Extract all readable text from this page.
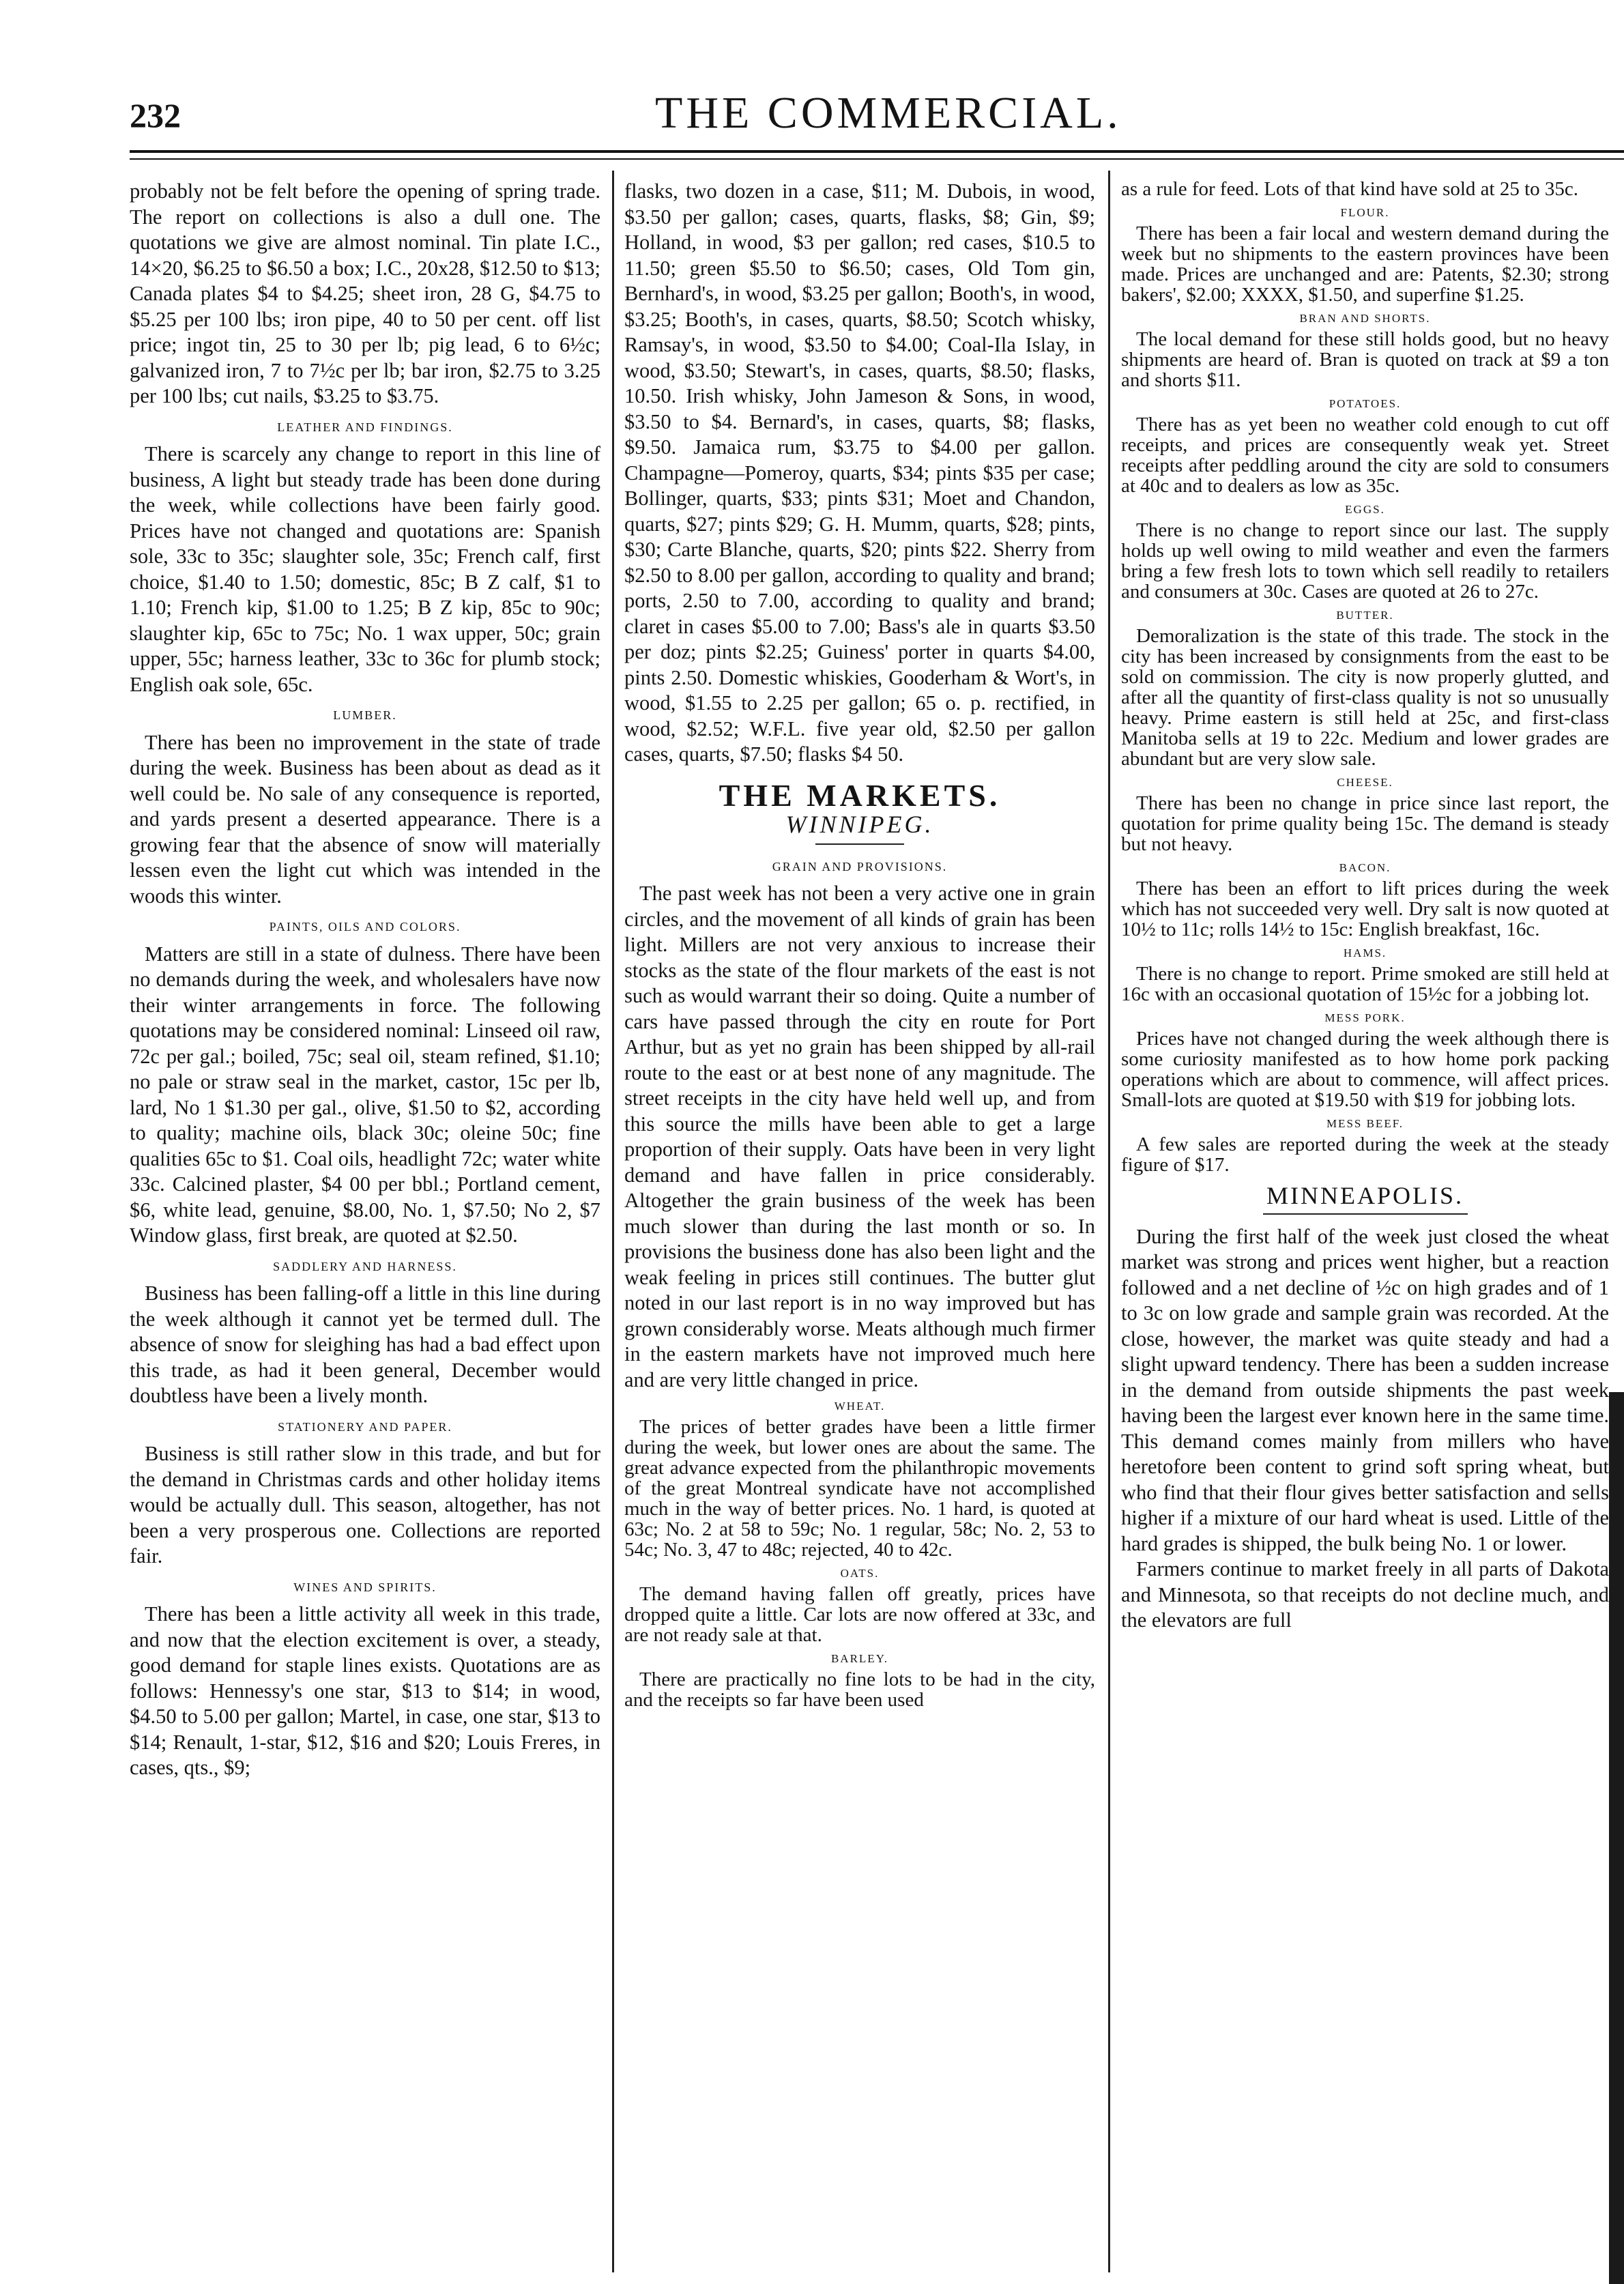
232	THE COMMERCIAL.

probably not be felt before the opening of spring trade. The report on collections is also a dull one. The quotations we give are almost nominal. Tin plate I.C., 14×20, $6.25 to $6.50 a box; I.C., 20x28, $12.50 to $13; Canada plates $4 to $4.25; sheet iron, 28 G, $4.75 to $5.25 per 100 lbs; iron pipe, 40 to 50 per cent. off list price; ingot tin, 25 to 30 per lb; pig lead, 6 to 6½c; galvanized iron, 7 to 7½c per lb; bar iron, $2.75 to 3.25 per 100 lbs; cut nails, $3.25 to $3.75.

LEATHER AND FINDINGS.

There is scarcely any change to report in this line of business, A light but steady trade has been done during the week, while collections have been fairly good. Prices have not changed and quotations are: Spanish sole, 33c to 35c; slaughter sole, 35c; French calf, first choice, $1.40 to 1.50; domestic, 85c; B Z calf, $1 to 1.10; French kip, $1.00 to 1.25; B Z kip, 85c to 90c; slaughter kip, 65c to 75c; No. 1 wax upper, 50c; grain upper, 55c; harness leather, 33c to 36c for plumb stock; English oak sole, 65c.

LUMBER.

There has been no improvement in the state of trade during the week. Business has been about as dead as it well could be. No sale of any consequence is reported, and yards present a deserted appearance. There is a growing fear that the absence of snow will materially lessen even the light cut which was intended in the woods this winter.

PAINTS, OILS AND COLORS.

Matters are still in a state of dulness. There have been no demands during the week, and wholesalers have now their winter arrangements in force. The following quotations may be considered nominal: Linseed oil raw, 72c per gal.; boiled, 75c; seal oil, steam refined, $1.10; no pale or straw seal in the market, castor, 15c per lb, lard, No 1 $1.30 per gal., olive, $1.50 to $2, according to quality; machine oils, black 30c; oleine 50c; fine qualities 65c to $1. Coal oils, headlight 72c; water white 33c. Calcined plaster, $4 00 per bbl.; Portland cement, $6, white lead, genuine, $8.00, No. 1, $7.50; No 2, $7 Window glass, first break, are quoted at $2.50.

SADDLERY AND HARNESS.

Business has been falling-off a little in this line during the week although it cannot yet be termed dull. The absence of snow for sleighing has had a bad effect upon this trade, as had it been general, December would doubtless have been a lively month.

STATIONERY AND PAPER.

Business is still rather slow in this trade, and but for the demand in Christmas cards and other holiday items would be actually dull. This season, altogether, has not been a very prosperous one. Collections are reported fair.

WINES AND SPIRITS.

There has been a little activity all week in this trade, and now that the election excitement is over, a steady, good demand for staple lines exists. Quotations are as follows: Hennessy's one star, $13 to $14; in wood, $4.50 to 5.00 per gallon; Martel, in case, one star, $13 to $14; Renault, 1-star, $12, $16 and $20; Louis Freres, in cases, qts., $9;

flasks, two dozen in a case, $11; M. Dubois, in wood, $3.50 per gallon; cases, quarts, flasks, $8; Gin, $9; Holland, in wood, $3 per gallon; red cases, $10.5 to 11.50; green $5.50 to $6.50; cases, Old Tom gin, Bernhard's, in wood, $3.25 per gallon; Booth's, in wood, $3.25; Booth's, in cases, quarts, $8.50; Scotch whisky, Ramsay's, in wood, $3.50 to $4.00; Coal-Ila Islay, in wood, $3.50; Stewart's, in cases, quarts, $8.50; flasks, 10.50. Irish whisky, John Jameson & Sons, in wood, $3.50 to $4. Bernard's, in cases, quarts, $8; flasks, $9.50. Jamaica rum, $3.75 to $4.00 per gallon. Champagne—Pomeroy, quarts, $34; pints $35 per case; Bollinger, quarts, $33; pints $31; Moet and Chandon, quarts, $27; pints $29; G. H. Mumm, quarts, $28; pints, $30; Carte Blanche, quarts, $20; pints $22. Sherry from $2.50 to 8.00 per gallon, according to quality and brand; ports, 2.50 to 7.00, according to quality and brand; claret in cases $5.00 to 7.00; Bass's ale in quarts $3.50 per doz; pints $2.25; Guiness' porter in quarts $4.00, pints 2.50. Domestic whiskies, Gooderham & Wort's, in wood, $1.55 to 2.25 per gallon; 65 o. p. rectified, in wood, $2.52; W.F.L. five year old, $2.50 per gallon cases, quarts, $7.50; flasks $4 50.

THE MARKETS.
WINNIPEG.
GRAIN AND PROVISIONS.

The past week has not been a very active one in grain circles, and the movement of all kinds of grain has been light. Millers are not very anxious to increase their stocks as the state of the flour markets of the east is not such as would warrant their so doing. Quite a number of cars have passed through the city en route for Port Arthur, but as yet no grain has been shipped by all-rail route to the east or at best none of any magnitude. The street receipts in the city have held well up, and from this source the mills have been able to get a large proportion of their supply. Oats have been in very light demand and have fallen in price considerably. Altogether the grain business of the week has been much slower than during the last month or so. In provisions the business done has also been light and the weak feeling in prices still continues. The butter glut noted in our last report is in no way improved but has grown considerably worse. Meats although much firmer in the eastern markets have not improved much here and are very little changed in price.

WHEAT.

The prices of better grades have been a little firmer during the week, but lower ones are about the same. The great advance expected from the philanthropic movements of the great Montreal syndicate have not accomplished much in the way of better prices. No. 1 hard, is quoted at 63c; No. 2 at 58 to 59c; No. 1 regular, 58c; No. 2, 53 to 54c; No. 3, 47 to 48c; rejected, 40 to 42c.

OATS.

The demand having fallen off greatly, prices have dropped quite a little. Car lots are now offered at 33c, and are not ready sale at that.

BARLEY.

There are practically no fine lots to be had in the city, and the receipts so far have been used

as a rule for feed. Lots of that kind have sold at 25 to 35c.

FLOUR.

There has been a fair local and western demand during the week but no shipments to the eastern provinces have been made. Prices are unchanged and are: Patents, $2.30; strong bakers', $2.00; XXXX, $1.50, and superfine $1.25.

BRAN AND SHORTS.

The local demand for these still holds good, but no heavy shipments are heard of. Bran is quoted on track at $9 a ton and shorts $11.

POTATOES.

There has as yet been no weather cold enough to cut off receipts, and prices are consequently weak yet. Street receipts after peddling around the city are sold to consumers at 40c and to dealers as low as 35c.

EGGS.

There is no change to report since our last. The supply holds up well owing to mild weather and even the farmers bring a few fresh lots to town which sell readily to retailers and consumers at 30c. Cases are quoted at 26 to 27c.

BUTTER.

Demoralization is the state of this trade. The stock in the city has been increased by consignments from the east to be sold on commission. The city is now properly glutted, and after all the quantity of first-class quality is not so unusually heavy. Prime eastern is still held at 25c, and first-class Manitoba sells at 19 to 22c. Medium and lower grades are abundant but are very slow sale.

CHEESE.

There has been no change in price since last report, the quotation for prime quality being 15c. The demand is steady but not heavy.

BACON.

There has been an effort to lift prices during the week which has not succeeded very well. Dry salt is now quoted at 10½ to 11c; rolls 14½ to 15c: English breakfast, 16c.

HAMS.

There is no change to report. Prime smoked are still held at 16c with an occasional quotation of 15½c for a jobbing lot.

MESS PORK.

Prices have not changed during the week although there is some curiosity manifested as to how home pork packing operations which are about to commence, will affect prices. Small-lots are quoted at $19.50 with $19 for jobbing lots.

MESS BEEF.

A few sales are reported during the week at the steady figure of $17.

MINNEAPOLIS.

During the first half of the week just closed the wheat market was strong and prices went higher, but a reaction followed and a net decline of ½c on high grades and of 1 to 3c on low grade and sample grain was recorded. At the close, however, the market was quite steady and had a slight upward tendency. There has been a sudden increase in the demand from outside shipments the past week having been the largest ever known here in the same time. This demand comes mainly from millers who have heretofore been content to grind soft spring wheat, but who find that their flour gives better satisfaction and sells higher if a mixture of our hard wheat is used. Little of the hard grades is shipped, the bulk being No. 1 or lower.

Farmers continue to market freely in all parts of Dakota and Minnesota, so that receipts do not decline much, and the elevators are full
